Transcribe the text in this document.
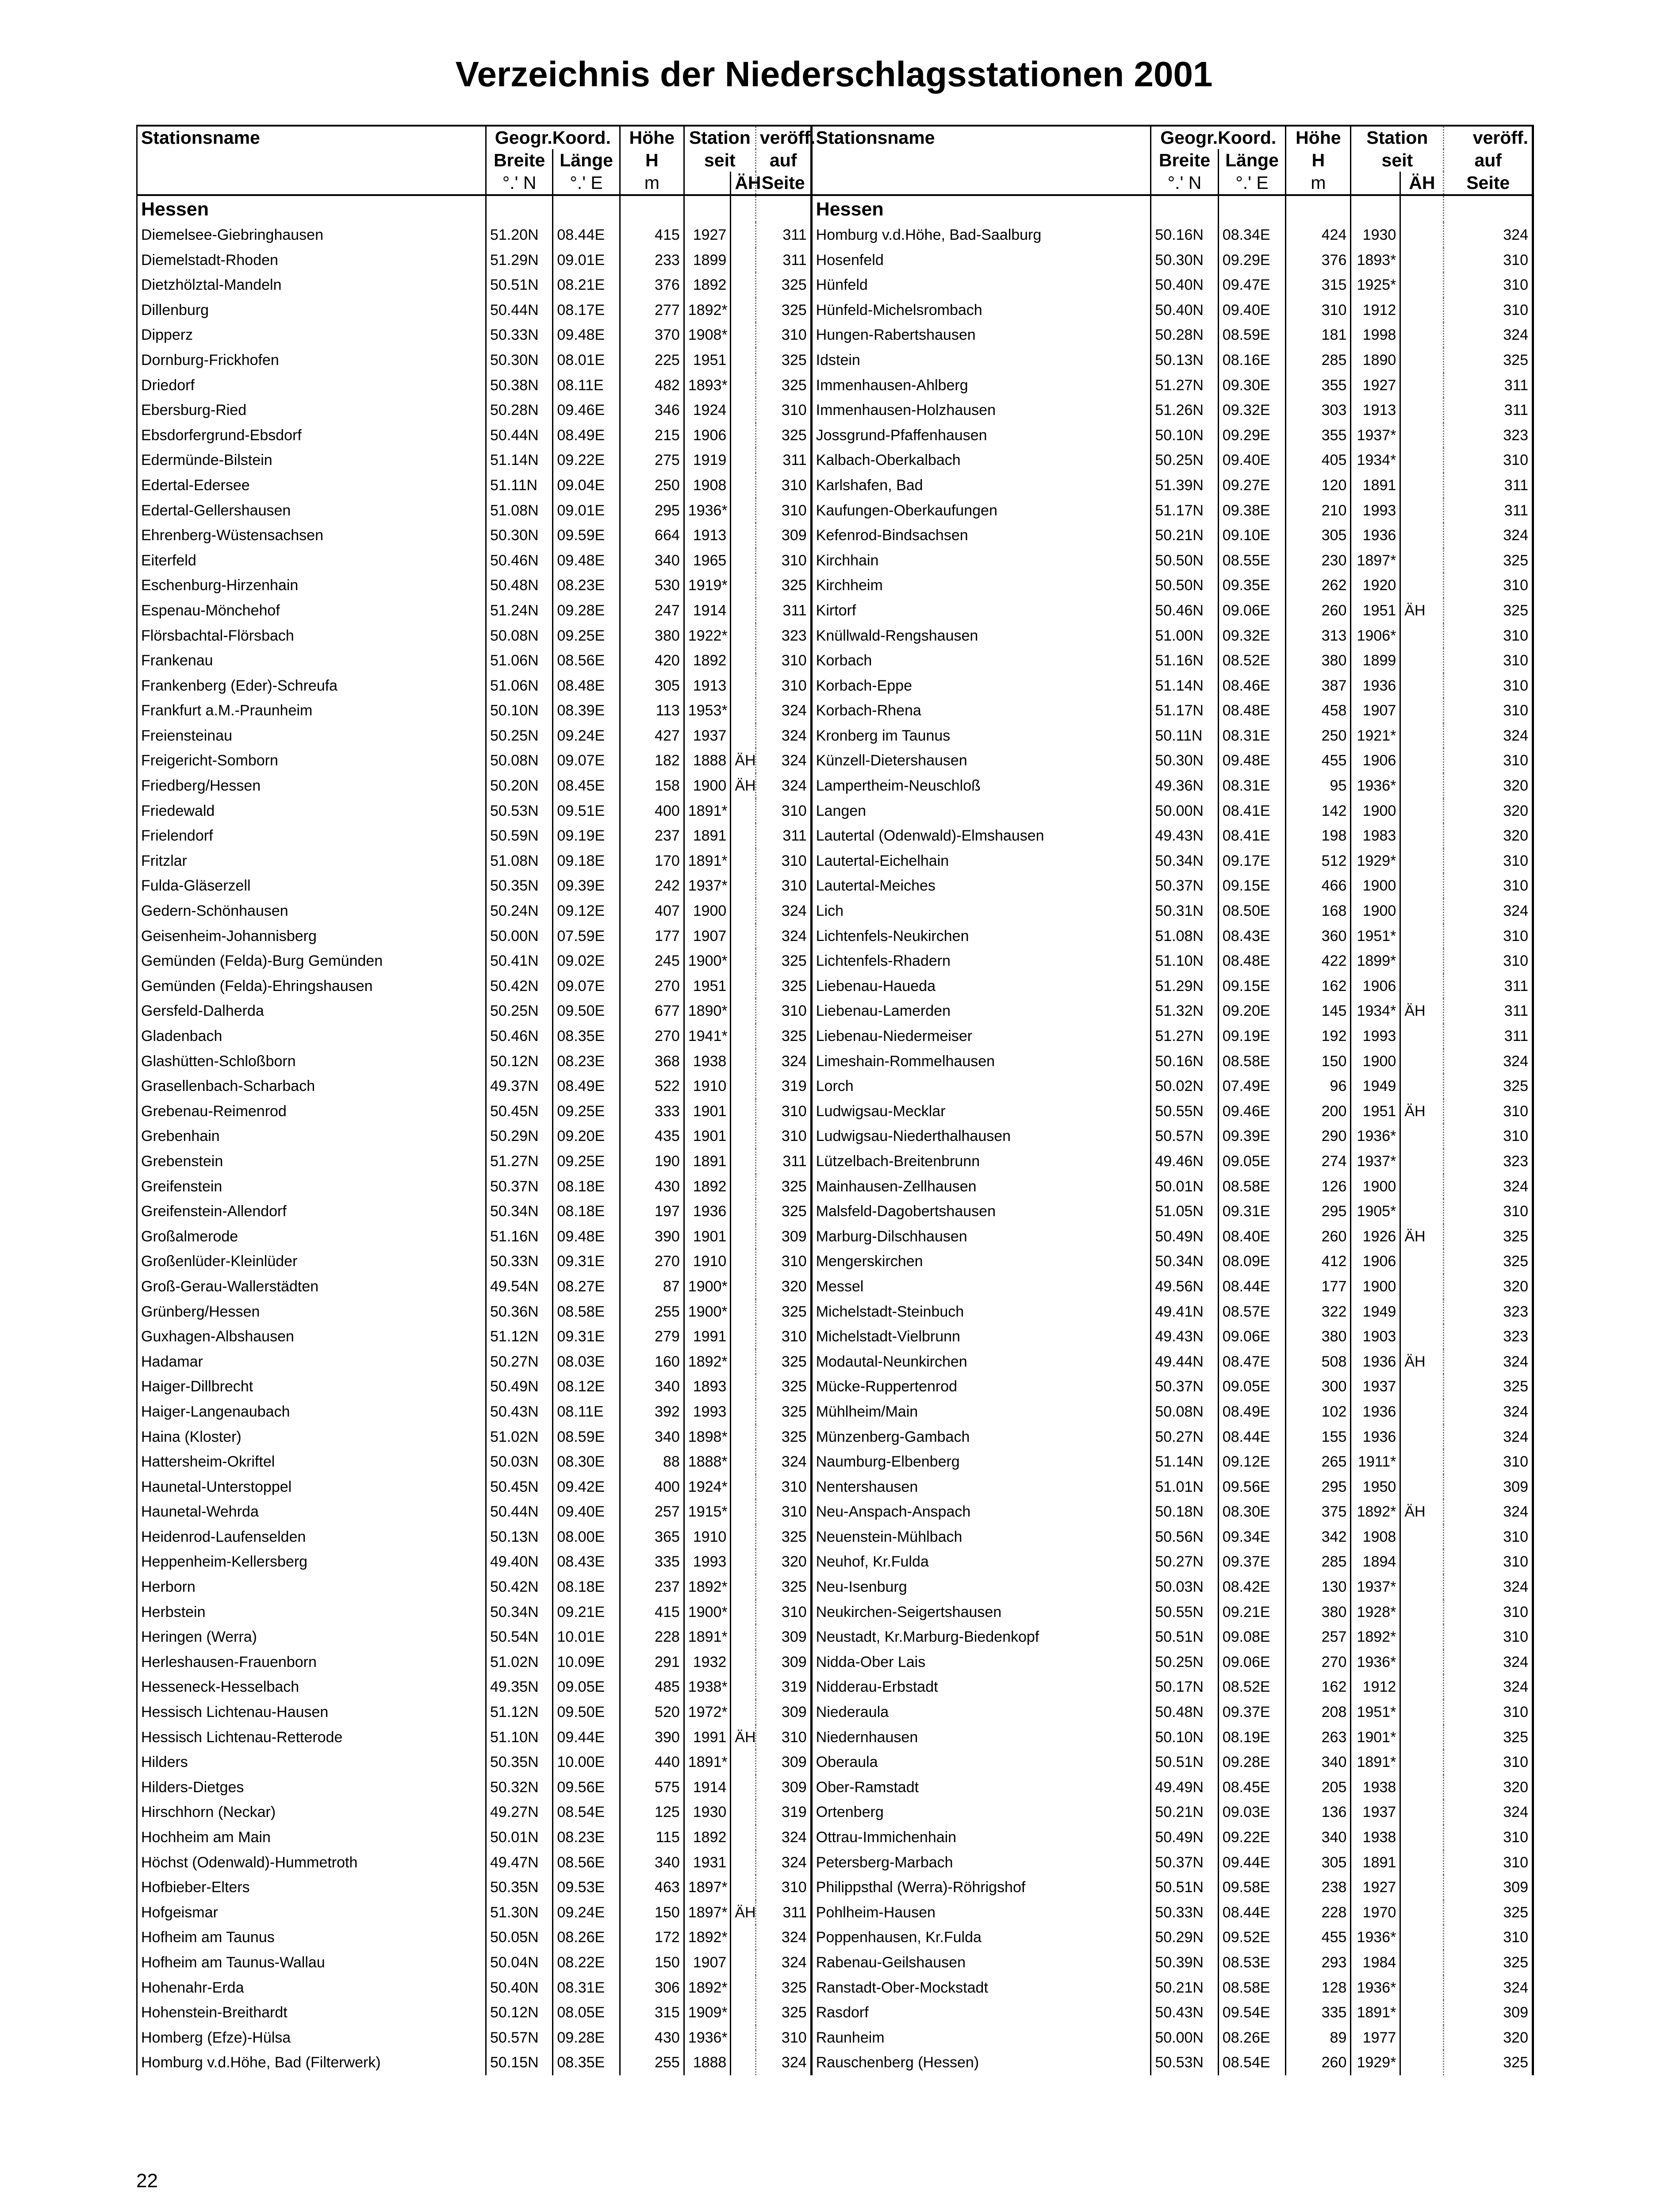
Verzeichnis der Niederschlagsstationen 2001
Stationsname	Geogr.Koord.		Höhe	Station		veröff.	Stationsname	Geogr.Koord.		Höhe	Station		veröff.
	Breite	Länge	H	seit		auf		Breite	Länge	H	seit		auf
	°.' N	°.' E	m		ÄH	Seite		°.' N	°.' E	m		ÄH	Seite
Hessen							Hessen						
Diemelsee-Giebringhausen	51.20N	08.44E	415	1927		311	Homburg v.d.Höhe, Bad-Saalburg	50.16N	08.34E	424	1930		324
Diemelstadt-Rhoden	51.29N	09.01E	233	1899		311	Hosenfeld	50.30N	09.29E	376	1893*		310
Dietzhölztal-Mandeln	50.51N	08.21E	376	1892		325	Hünfeld	50.40N	09.47E	315	1925*		310
Dillenburg	50.44N	08.17E	277	1892*		325	Hünfeld-Michelsrombach	50.40N	09.40E	310	1912		310
Dipperz	50.33N	09.48E	370	1908*		310	Hungen-Rabertshausen	50.28N	08.59E	181	1998		324
Dornburg-Frickhofen	50.30N	08.01E	225	1951		325	Idstein	50.13N	08.16E	285	1890		325
Driedorf	50.38N	08.11E	482	1893*		325	Immenhausen-Ahlberg	51.27N	09.30E	355	1927		311
Ebersburg-Ried	50.28N	09.46E	346	1924		310	Immenhausen-Holzhausen	51.26N	09.32E	303	1913		311
Ebsdorfergrund-Ebsdorf	50.44N	08.49E	215	1906		325	Jossgrund-Pfaffenhausen	50.10N	09.29E	355	1937*		323
Edermünde-Bilstein	51.14N	09.22E	275	1919		311	Kalbach-Oberkalbach	50.25N	09.40E	405	1934*		310
Edertal-Edersee	51.11N	09.04E	250	1908		310	Karlshafen, Bad	51.39N	09.27E	120	1891		311
Edertal-Gellershausen	51.08N	09.01E	295	1936*		310	Kaufungen-Oberkaufungen	51.17N	09.38E	210	1993		311
Ehrenberg-Wüstensachsen	50.30N	09.59E	664	1913		309	Kefenrod-Bindsachsen	50.21N	09.10E	305	1936		324
Eiterfeld	50.46N	09.48E	340	1965		310	Kirchhain	50.50N	08.55E	230	1897*		325
Eschenburg-Hirzenhain	50.48N	08.23E	530	1919*		325	Kirchheim	50.50N	09.35E	262	1920		310
Espenau-Mönchehof	51.24N	09.28E	247	1914		311	Kirtorf	50.46N	09.06E	260	1951	ÄH	325
Flörsbachtal-Flörsbach	50.08N	09.25E	380	1922*		323	Knüllwald-Rengshausen	51.00N	09.32E	313	1906*		310
Frankenau	51.06N	08.56E	420	1892		310	Korbach	51.16N	08.52E	380	1899		310
Frankenberg (Eder)-Schreufa	51.06N	08.48E	305	1913		310	Korbach-Eppe	51.14N	08.46E	387	1936		310
Frankfurt a.M.-Praunheim	50.10N	08.39E	113	1953*		324	Korbach-Rhena	51.17N	08.48E	458	1907		310
Freiensteinau	50.25N	09.24E	427	1937		324	Kronberg im Taunus	50.11N	08.31E	250	1921*		324
Freigericht-Somborn	50.08N	09.07E	182	1888	ÄH	324	Künzell-Dietershausen	50.30N	09.48E	455	1906		310
Friedberg/Hessen	50.20N	08.45E	158	1900	ÄH	324	Lampertheim-Neuschloß	49.36N	08.31E	95	1936*		320
Friedewald	50.53N	09.51E	400	1891*		310	Langen	50.00N	08.41E	142	1900		320
Frielendorf	50.59N	09.19E	237	1891		311	Lautertal (Odenwald)-Elmshausen	49.43N	08.41E	198	1983		320
Fritzlar	51.08N	09.18E	170	1891*		310	Lautertal-Eichelhain	50.34N	09.17E	512	1929*		310
Fulda-Gläserzell	50.35N	09.39E	242	1937*		310	Lautertal-Meiches	50.37N	09.15E	466	1900		310
Gedern-Schönhausen	50.24N	09.12E	407	1900		324	Lich	50.31N	08.50E	168	1900		324
Geisenheim-Johannisberg	50.00N	07.59E	177	1907		324	Lichtenfels-Neukirchen	51.08N	08.43E	360	1951*		310
Gemünden (Felda)-Burg Gemünden	50.41N	09.02E	245	1900*		325	Lichtenfels-Rhadern	51.10N	08.48E	422	1899*		310
Gemünden (Felda)-Ehringshausen	50.42N	09.07E	270	1951		325	Liebenau-Haueda	51.29N	09.15E	162	1906		311
Gersfeld-Dalherda	50.25N	09.50E	677	1890*		310	Liebenau-Lamerden	51.32N	09.20E	145	1934*	ÄH	311
Gladenbach	50.46N	08.35E	270	1941*		325	Liebenau-Niedermeiser	51.27N	09.19E	192	1993		311
Glashütten-Schloßborn	50.12N	08.23E	368	1938		324	Limeshain-Rommelhausen	50.16N	08.58E	150	1900		324
Grasellenbach-Scharbach	49.37N	08.49E	522	1910		319	Lorch	50.02N	07.49E	96	1949		325
Grebenau-Reimenrod	50.45N	09.25E	333	1901		310	Ludwigsau-Mecklar	50.55N	09.46E	200	1951	ÄH	310
Grebenhain	50.29N	09.20E	435	1901		310	Ludwigsau-Niederthalhausen	50.57N	09.39E	290	1936*		310
Grebenstein	51.27N	09.25E	190	1891		311	Lützelbach-Breitenbrunn	49.46N	09.05E	274	1937*		323
Greifenstein	50.37N	08.18E	430	1892		325	Mainhausen-Zellhausen	50.01N	08.58E	126	1900		324
Greifenstein-Allendorf	50.34N	08.18E	197	1936		325	Malsfeld-Dagobertshausen	51.05N	09.31E	295	1905*		310
Großalmerode	51.16N	09.48E	390	1901		309	Marburg-Dilschhausen	50.49N	08.40E	260	1926	ÄH	325
Großenlüder-Kleinlüder	50.33N	09.31E	270	1910		310	Mengerskirchen	50.34N	08.09E	412	1906		325
Groß-Gerau-Wallerstädten	49.54N	08.27E	87	1900*		320	Messel	49.56N	08.44E	177	1900		320
Grünberg/Hessen	50.36N	08.58E	255	1900*		325	Michelstadt-Steinbuch	49.41N	08.57E	322	1949		323
Guxhagen-Albshausen	51.12N	09.31E	279	1991		310	Michelstadt-Vielbrunn	49.43N	09.06E	380	1903		323
Hadamar	50.27N	08.03E	160	1892*		325	Modautal-Neunkirchen	49.44N	08.47E	508	1936	ÄH	324
Haiger-Dillbrecht	50.49N	08.12E	340	1893		325	Mücke-Ruppertenrod	50.37N	09.05E	300	1937		325
Haiger-Langenaubach	50.43N	08.11E	392	1993		325	Mühlheim/Main	50.08N	08.49E	102	1936		324
Haina (Kloster)	51.02N	08.59E	340	1898*		325	Münzenberg-Gambach	50.27N	08.44E	155	1936		324
Hattersheim-Okriftel	50.03N	08.30E	88	1888*		324	Naumburg-Elbenberg	51.14N	09.12E	265	1911*		310
Haunetal-Unterstoppel	50.45N	09.42E	400	1924*		310	Nentershausen	51.01N	09.56E	295	1950		309
Haunetal-Wehrda	50.44N	09.40E	257	1915*		310	Neu-Anspach-Anspach	50.18N	08.30E	375	1892*	ÄH	324
Heidenrod-Laufenselden	50.13N	08.00E	365	1910		325	Neuenstein-Mühlbach	50.56N	09.34E	342	1908		310
Heppenheim-Kellersberg	49.40N	08.43E	335	1993		320	Neuhof, Kr.Fulda	50.27N	09.37E	285	1894		310
Herborn	50.42N	08.18E	237	1892*		325	Neu-Isenburg	50.03N	08.42E	130	1937*		324
Herbstein	50.34N	09.21E	415	1900*		310	Neukirchen-Seigertshausen	50.55N	09.21E	380	1928*		310
Heringen (Werra)	50.54N	10.01E	228	1891*		309	Neustadt, Kr.Marburg-Biedenkopf	50.51N	09.08E	257	1892*		310
Herleshausen-Frauenborn	51.02N	10.09E	291	1932		309	Nidda-Ober Lais	50.25N	09.06E	270	1936*		324
Hesseneck-Hesselbach	49.35N	09.05E	485	1938*		319	Nidderau-Erbstadt	50.17N	08.52E	162	1912		324
Hessisch Lichtenau-Hausen	51.12N	09.50E	520	1972*		309	Niederaula	50.48N	09.37E	208	1951*		310
Hessisch Lichtenau-Retterode	51.10N	09.44E	390	1991	ÄH	310	Niedernhausen	50.10N	08.19E	263	1901*		325
Hilders	50.35N	10.00E	440	1891*		309	Oberaula	50.51N	09.28E	340	1891*		310
Hilders-Dietges	50.32N	09.56E	575	1914		309	Ober-Ramstadt	49.49N	08.45E	205	1938		320
Hirschhorn (Neckar)	49.27N	08.54E	125	1930		319	Ortenberg	50.21N	09.03E	136	1937		324
Hochheim am Main	50.01N	08.23E	115	1892		324	Ottrau-Immichenhain	50.49N	09.22E	340	1938		310
Höchst (Odenwald)-Hummetroth	49.47N	08.56E	340	1931		324	Petersberg-Marbach	50.37N	09.44E	305	1891		310
Hofbieber-Elters	50.35N	09.53E	463	1897*		310	Philippsthal (Werra)-Röhrigshof	50.51N	09.58E	238	1927		309
Hofgeismar	51.30N	09.24E	150	1897*	ÄH	311	Pohlheim-Hausen	50.33N	08.44E	228	1970		325
Hofheim am Taunus	50.05N	08.26E	172	1892*		324	Poppenhausen, Kr.Fulda	50.29N	09.52E	455	1936*		310
Hofheim am Taunus-Wallau	50.04N	08.22E	150	1907		324	Rabenau-Geilshausen	50.39N	08.53E	293	1984		325
Hohenahr-Erda	50.40N	08.31E	306	1892*		325	Ranstadt-Ober-Mockstadt	50.21N	08.58E	128	1936*		324
Hohenstein-Breithardt	50.12N	08.05E	315	1909*		325	Rasdorf	50.43N	09.54E	335	1891*		309
Homberg (Efze)-Hülsa	50.57N	09.28E	430	1936*		310	Raunheim	50.00N	08.26E	89	1977		320
Homburg v.d.Höhe, Bad (Filterwerk)	50.15N	08.35E	255	1888		324	Rauschenberg (Hessen)	50.53N	08.54E	260	1929*		325
22
